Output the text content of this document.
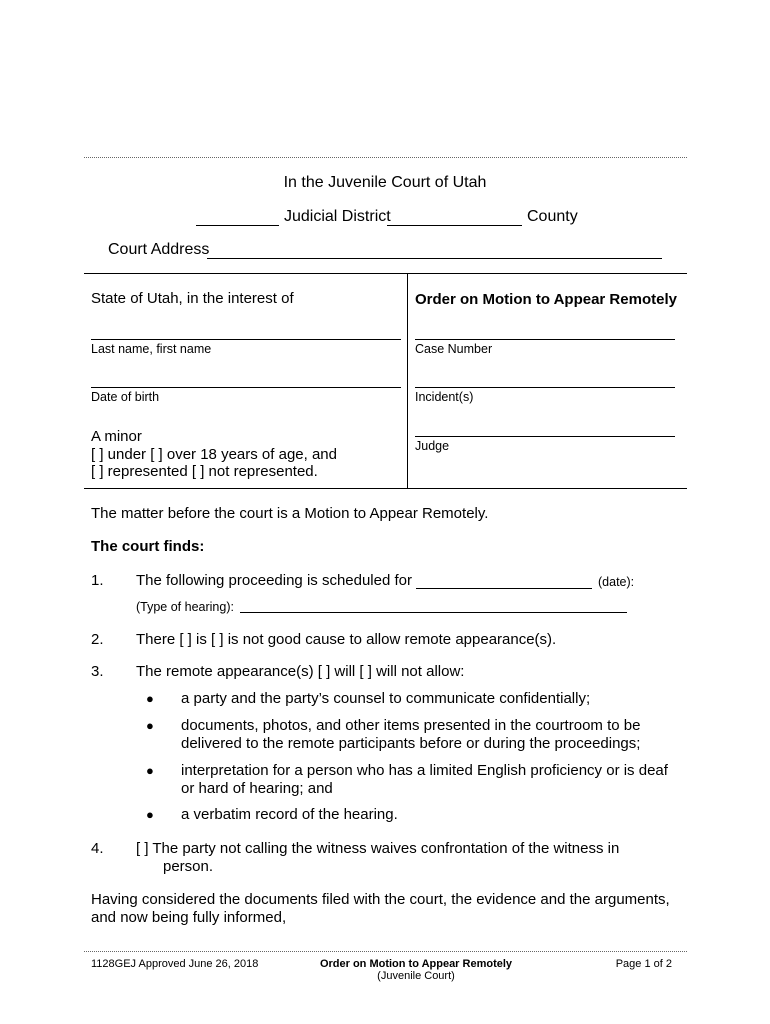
In the Juvenile Court of Utah
Judicial District	County
Court Address
State of Utah, in the interest of
Last name, first name
Date of birth
A minor
[ ] under [ ] over 18 years of age, and
[ ] represented [ ] not represented.
Order on Motion to Appear Remotely
Case Number
Incident(s)
Judge
The matter before the court is a Motion to Appear Remotely.
The court finds:
1. The following proceeding is scheduled for	(date):
(Type of hearing):
2. There [ ] is [ ] is not good cause to allow remote appearance(s).
3. The remote appearance(s) [ ] will [ ] will not allow:
● a party and the party’s counsel to communicate confidentially;
● documents, photos, and other items presented in the courtroom to be
delivered to the remote participants before or during the proceedings;
● interpretation for a person who has a limited English proficiency or is deaf
or hard of hearing; and
● a verbatim record of the hearing.
4. [ ] The party not calling the witness waives confrontation of the witness in
person.
Having considered the documents filed with the court, the evidence and the arguments,
and now being fully informed,
1128GEJ Approved June 26, 2018	Order on Motion to Appear Remotely
(Juvenile Court)
Page 1 of 2
